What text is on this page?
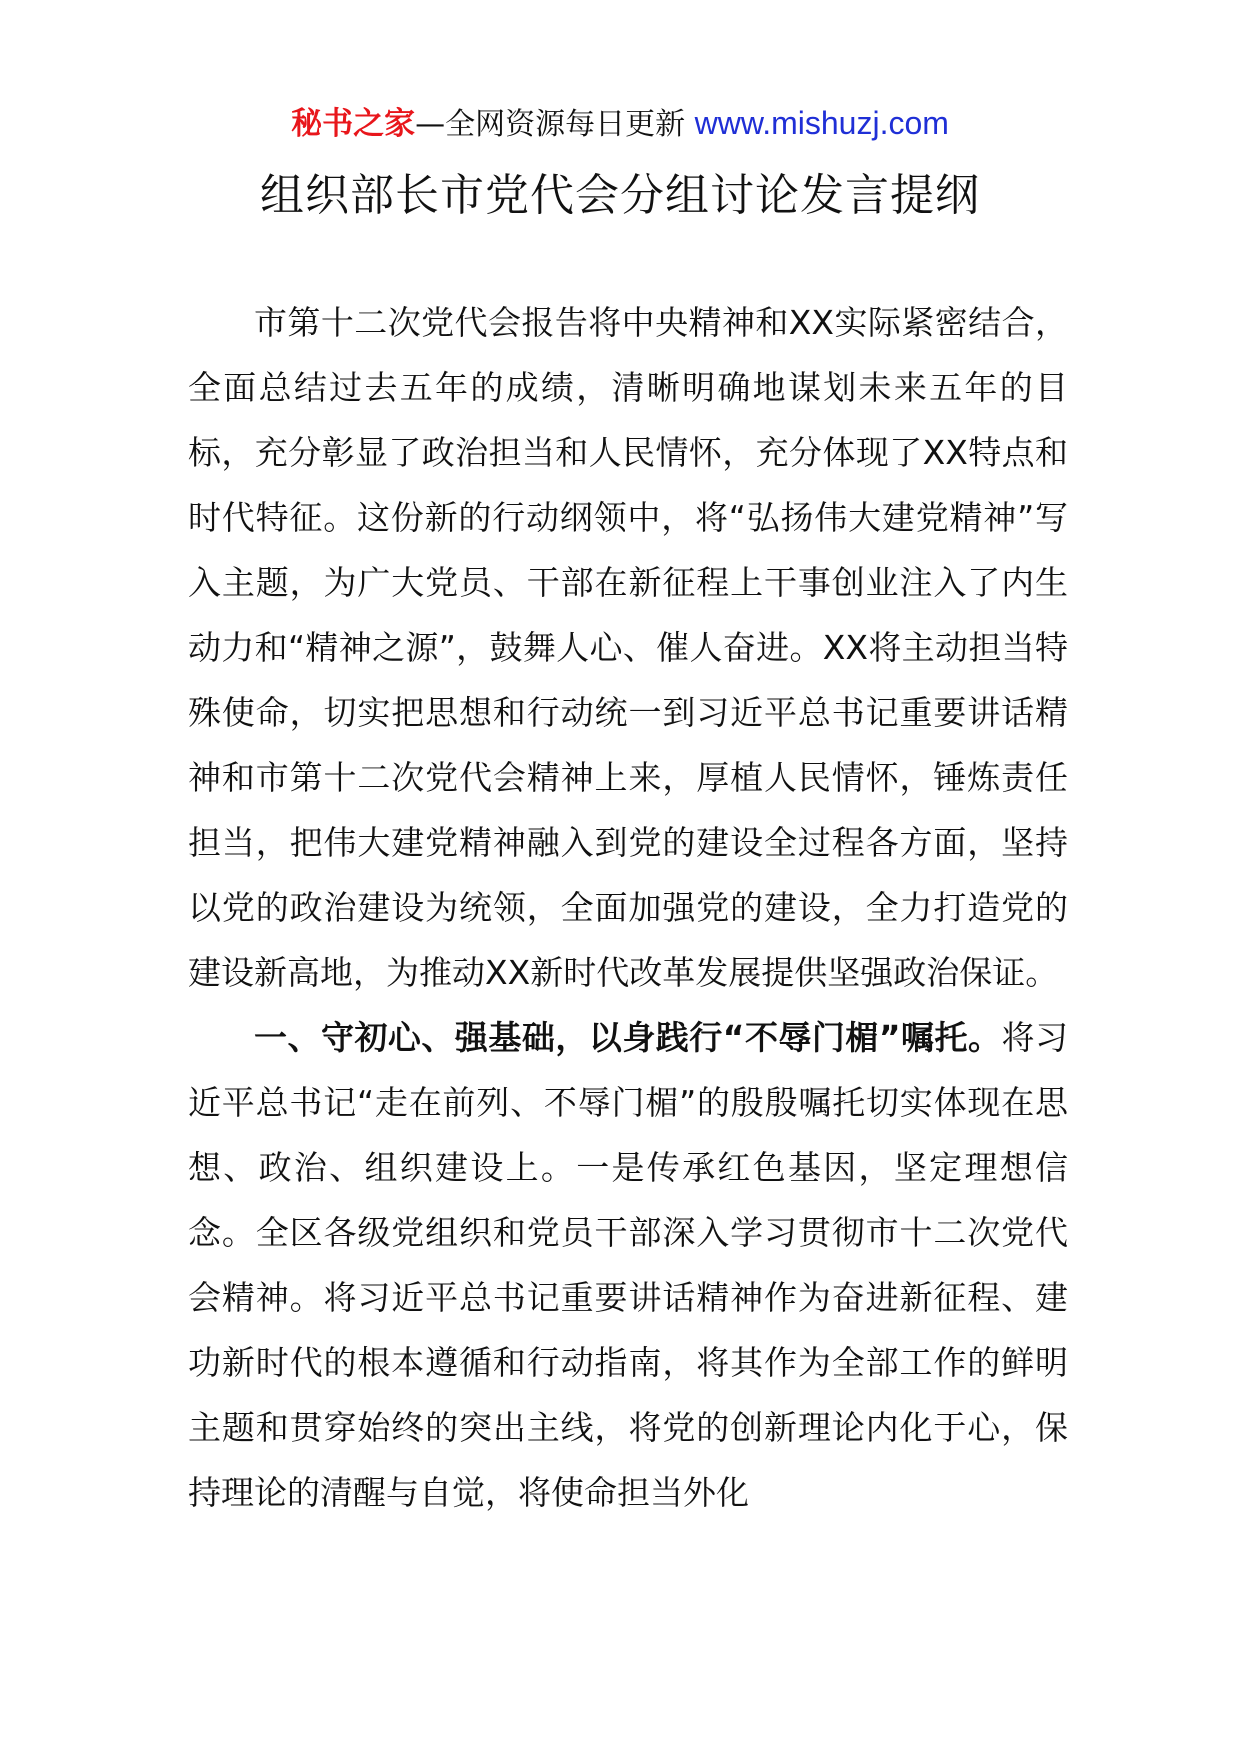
秘书之家—全网资源每日更新 www.mishuzj.com
组织部长市党代会分组讨论发言提纲

市第十二次党代会报告将中央精神和XX实际紧密结合，全面总结过去五年的成绩，清晰明确地谋划未来五年的目标，充分彰显了政治担当和人民情怀，充分体现了XX特点和时代特征。这份新的行动纲领中，将“弘扬伟大建党精神”写入主题，为广大党员、干部在新征程上干事创业注入了内生动力和“精神之源”，鼓舞人心、催人奋进。XX将主动担当特殊使命，切实把思想和行动统一到习近平总书记重要讲话精神和市第十二次党代会精神上来，厚植人民情怀，锤炼责任担当，把伟大建党精神融入到党的建设全过程各方面，坚持以党的政治建设为统领，全面加强党的建设，全力打造党的建设新高地，为推动XX新时代改革发展提供坚强政治保证。

一、守初心、强基础，以身践行“不辱门楣”嘱托。将习近平总书记“走在前列、不辱门楣”的殷殷嘱托切实体现在思想、政治、组织建设上。一是传承红色基因，坚定理想信念。全区各级党组织和党员干部深入学习贯彻市十二次党代会精神。将习近平总书记重要讲话精神作为奋进新征程、建功新时代的根本遵循和行动指南，将其作为全部工作的鲜明主题和贯穿始终的突出主线，将党的创新理论内化于心，保持理论的清醒与自觉，将使命担当外化
